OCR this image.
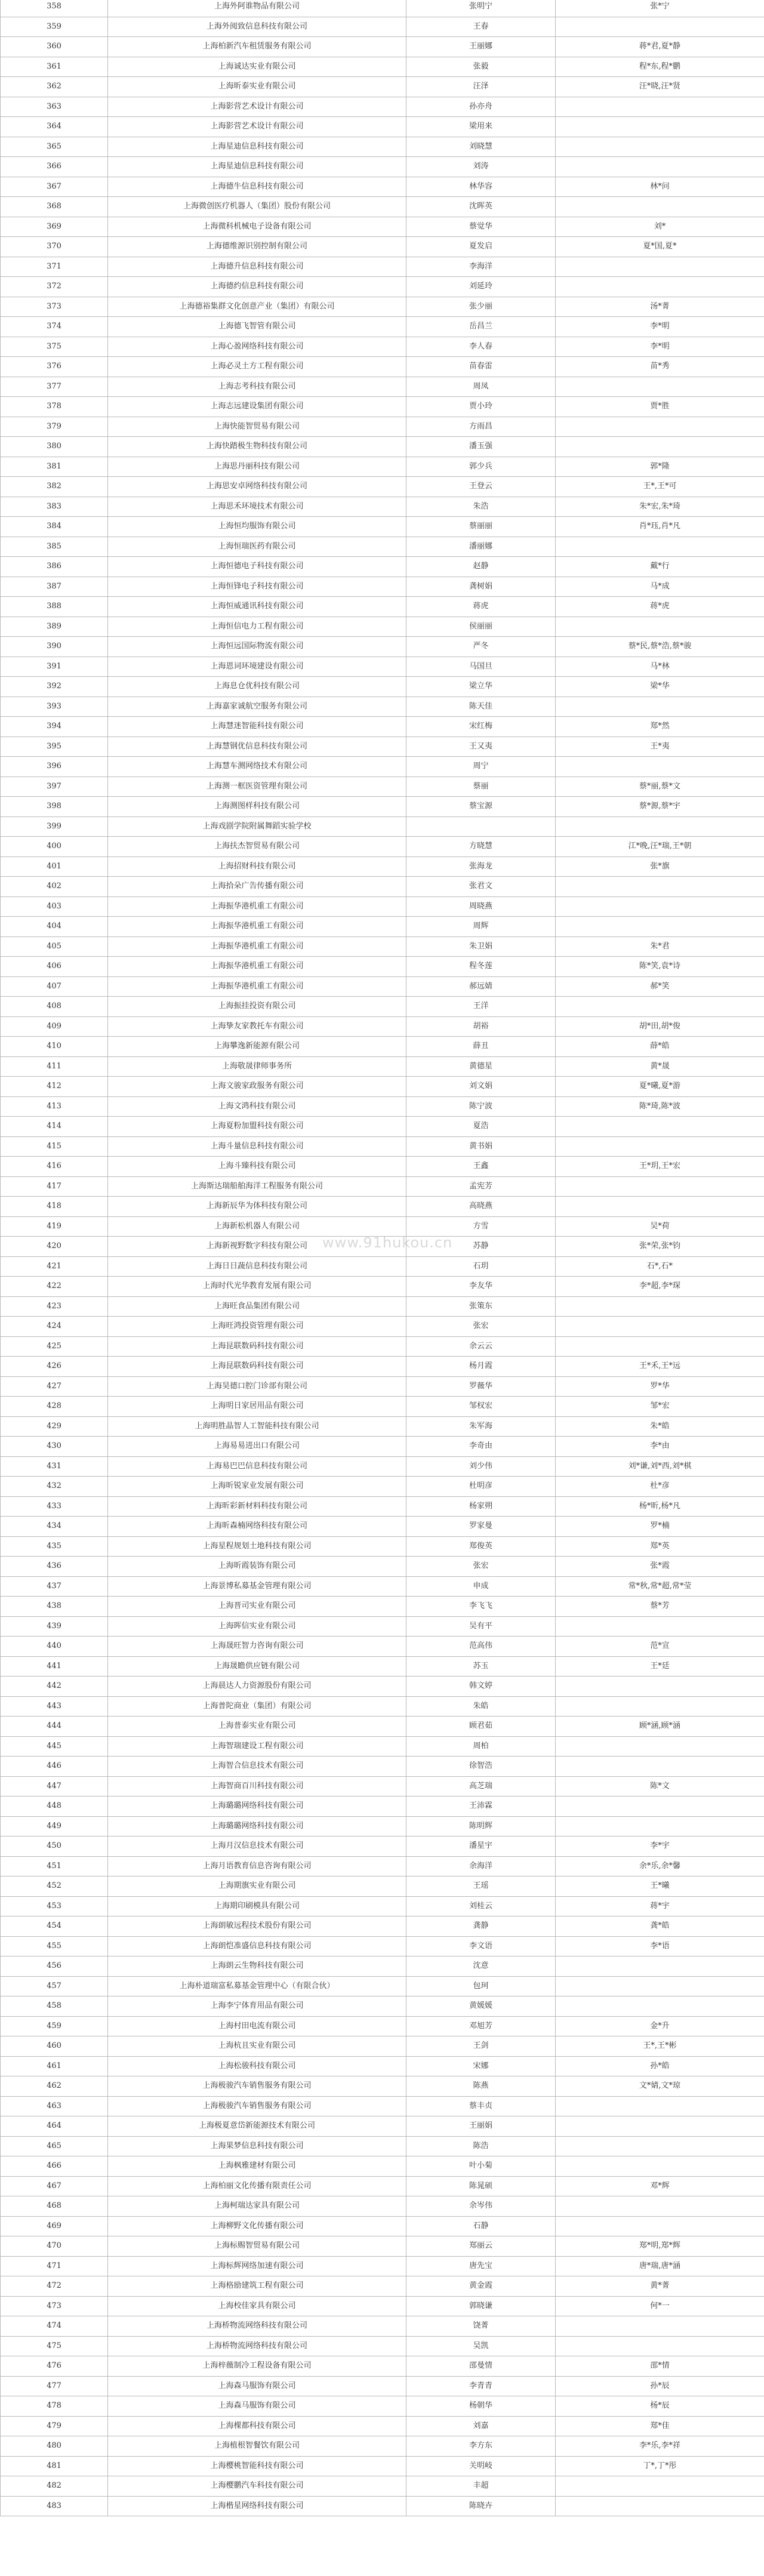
358	上海外阿谁物品有限公司	张明宁	张*宁
359	上海外阅致信息科技有限公司	王春	
360	上海柏新汽车租赁服务有限公司	王丽娜	蒋*君,夏*静
361	上海诚达实业有限公司	张毅	程*东,程*鹏
362	上海昕泰实业有限公司	汪泽	汪*晓,汪*贤
363	上海影营艺术设计有限公司	孙亦舟	
364	上海影营艺术设计有限公司	梁用来	
365	上海星迪信息科技有限公司	刘晓慧	
366	上海星迪信息科技有限公司	刘涛	
367	上海德牛信息科技有限公司	林华容	林*问
368	上海微创医疗机器人（集团）股份有限公司	沈晖英	
369	上海微科机械电子设备有限公司	蔡觉华	刘*
370	上海德维源识别控制有限公司	夏发启	夏*国,夏*
371	上海德升信息科技有限公司	李海洋	
372	上海德约信息科技有限公司	刘延玲	
373	上海德裕集群文化创意产业（集团）有限公司	张少丽	汤*菁
374	上海德飞智管有限公司	岳昌兰	李*明
375	上海心盈网络科技有限公司	李人春	李*明
376	上海必灵土方工程有限公司	苗春雷	苗*秀
377	上海志考科技有限公司	周凤	
378	上海志远建设集团有限公司	贾小玲	贾*胜
379	上海快能智贸易有限公司	方雨昌	
380	上海快踏极生物科技有限公司	潘玉强	
381	上海思丹丽科技有限公司	郭少兵	郭*隆
382	上海思安卓网络科技有限公司	王登云	王*,王*可
383	上海思禾环境技术有限公司	朱浩	朱*宏,朱*琦
384	上海恒均服饰有限公司	蔡丽丽	肖*珏,肖*凡
385	上海恒瑞医药有限公司	潘丽娜	
386	上海恒德电子科技有限公司	赵静	戴*行
387	上海恒锋电子科技有限公司	龚树娟	马*成
388	上海恒威通讯科技有限公司	蒋虎	蒋*虎
389	上海恒信电力工程有限公司	侯丽丽	
390	上海恒远国际物流有限公司	严冬	蔡*民,蔡*浩,蔡*骏
391	上海恩词环境建设有限公司	马国旦	马*林
392	上海息仓优科技有限公司	梁立华	梁*华
393	上海嘉家诚航空服务有限公司	陈天佳	
394	上海慧迷智能科技有限公司	宋红梅	郑*然
395	上海慧钢优信息科技有限公司	王又夷	王*夷
396	上海慧车测网络技术有限公司	周宁	
397	上海测一框医资管理有限公司	蔡丽	蔡*丽,蔡*文
398	上海测图样科技有限公司	蔡宝源	蔡*源,蔡*宇
399	上海戏剧学院附属舞蹈实验学校		
400	上海扶杰智贸易有限公司	方晓慧	江*晚,汪*瑞,王*朝
401	上海招财科技有限公司	张海龙	张*旗
402	上海拾朵广告传播有限公司	张君文	
403	上海振华港机重工有限公司	周晓燕	
404	上海振华港机重工有限公司	周辉	
405	上海振华港机重工有限公司	朱卫娟	朱*君
406	上海振华港机重工有限公司	程冬莲	陈*笑,袁*诗
407	上海振华港机重工有限公司	郝远婧	郝*笑
408	上海振挂投资有限公司	王洋	
409	上海挚友家教托车有限公司	胡裕	胡*田,胡*俊
410	上海攀逸新能源有限公司	薛丑	薛*皓
411	上海敬晟律师事务所	黄德星	黄*晟
412	上海文骏家政服务有限公司	刘文娟	夏*曦,夏*游
413	上海文鸿科技有限公司	陈宁波	陈*琦,陈*波
414	上海夏粉加盟科技有限公司	夏浩	
415	上海斗量信息科技有限公司	黄书娟	
416	上海斗臻科技有限公司	王鑫	王*玥,王*宏
417	上海斯达瑞船舶海洋工程服务有限公司	孟宪芳	
418	上海新辰华为体科技有限公司	高晓燕	
419	上海新松机器人有限公司	方雪	吴*荷
420	上海新视野数字科技有限公司	苏静	张*荣,张*钧
421	上海日日蔬信息科技有限公司	石玥	石*,石*
422	上海时代光华教育发展有限公司	李友华	李*超,李*琛
423	上海旺食品集团有限公司	张策东	
424	上海旺鸿投资管理有限公司	张宏	
425	上海昆联数码科技有限公司	余云云	
426	上海昆联数码科技有限公司	杨月霞	王*禾,王*远
427	上海昊德口腔门诊部有限公司	罗薇华	罗*华
428	上海明日家居用品有限公司	邹权宏	邹*宏
429	上海明胜晶智人工智能科技有限公司	朱军海	朱*皓
430	上海易易进出口有限公司	李奇由	李*由
431	上海易巴巴信息科技有限公司	刘少伟	刘*谦,刘*西,刘*棋
432	上海昕锐家业发展有限公司	杜明彦	杜*彦
433	上海昕彩新材料科技有限公司	杨家朔	杨*昕,杨*凡
434	上海昕森楠网络科技有限公司	罗家曼	罗*楠
435	上海星程规划土地科技有限公司	郑俊英	郑*英
436	上海昕霞装饰有限公司	张宏	张*霞
437	上海景博私募基金管理有限公司	申成	常*秋,常*超,常*莹
438	上海晋司实业有限公司	李飞飞	蔡*芳
439	上海晖信实业有限公司	吴有平	
440	上海晟旺智力咨询有限公司	范高伟	范*宣
441	上海晟瞻供应链有限公司	苏玉	王*廷
442	上海晨达人力资源股份有限公司	韩文婷	
443	上海普陀商业（集团）有限公司	朱皓	
444	上海普泰实业有限公司	顾君茹	顾*涵,顾*涵
445	上海智瑞建设工程有限公司	周柏	
446	上海智合信息技术有限公司	徐智浩	
447	上海智商百川科技有限公司	高芝瑞	陈*文
448	上海璐璐网络科技有限公司	王沛霖	
449	上海璐璐网络科技有限公司	陈明辉	
450	上海月汉信息技术有限公司	潘星宇	李*宇
451	上海月语教育信息咨询有限公司	余海洋	余*乐,余*馨
452	上海期旗实业有限公司	王瑶	王*曦
453	上海期印刷模具有限公司	刘桂云	蒋*宇
454	上海朗敏远程技术股份有限公司	龚静	龚*皓
455	上海朗恺准盛信息科技有限公司	李文语	李*语
456	上海朗云生物科技有限公司	沈意	
457	上海朴道瑞富私募基金管理中心（有限合伙）	包珂	
458	上海李宁体育用品有限公司	黄媛媛	
459	上海村田电流有限公司	邓旭芳	金*升
460	上海杭且实业有限公司	王剑	王*,王*彬
461	上海松骏科技有限公司	宋娜	孙*皓
462	上海极骏汽车销售服务有限公司	陈燕	文*婧,文*琼
463	上海极骏汽车销售服务有限公司	蔡丰贞	
464	上海极夏意岱新能源技术有限公司	王丽娟	
465	上海果梦信息科技有限公司	陈浩	
466	上海枫雅建材有限公司	叶小菊	
467	上海柏丽文化传播有限责任公司	陈晁硕	邓*辉
468	上海柯瑞达家具有限公司	余岑伟	
469	上海柳野文化传播有限公司	石静	
470	上海标赐智贸易有限公司	郑丽云	郑*明,郑*辉
471	上海标辉网络加速有限公司	唐先宝	唐*瑞,唐*涵
472	上海格励建筑工程有限公司	黄金霞	黄*菁
473	上海校佳家具有限公司	郭晓谦	何*一
474	上海桥物流网络科技有限公司	饶菁	
475	上海桥物流网络科技有限公司	吴凯	
476	上海梓薇制冷工程设备有限公司	邵曼情	邵*情
477	上海森马服饰有限公司	李青青	孙*辰
478	上海森马服饰有限公司	杨朝华	杨*辰
479	上海棵都科技有限公司	刘嘉	郑*佳
480	上海植根智餐饮有限公司	李方东	李*乐,李*祥
481	上海樱桃智能科技有限公司	关明岐	丁*,丁*彤
482	上海樱鹏汽车科技有限公司	丰超	
483	上海楷星网络科技有限公司	陈晓卉	
www.91hukou.cn
